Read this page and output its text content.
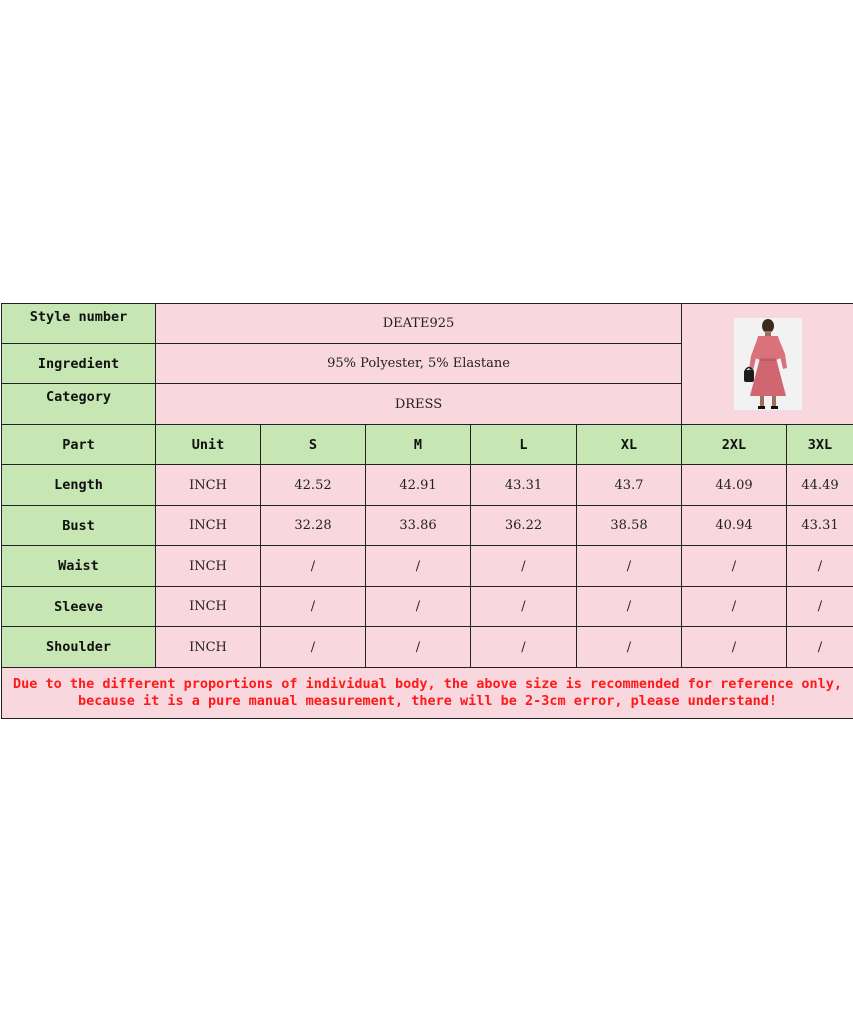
Style number	DEATE925	

Ingredient	95% Polyester, 5% Elastane						
Category	DRESS						
Part	Unit	S	M	L	XL	2XL	3XL
Length	INCH	42.52	42.91	43.31	43.7	44.09	44.49
Bust	INCH	32.28	33.86	36.22	38.58	40.94	43.31
Waist	INCH	/	/	/	/	/	/
Sleeve	INCH	/	/	/	/	/	/
Shoulder	INCH	/	/	/	/	/	/
Due to the different proportions of individual body, the above size is recommended for reference only, because it is a pure manual measurement, there will be 2-3cm error, please understand!							
